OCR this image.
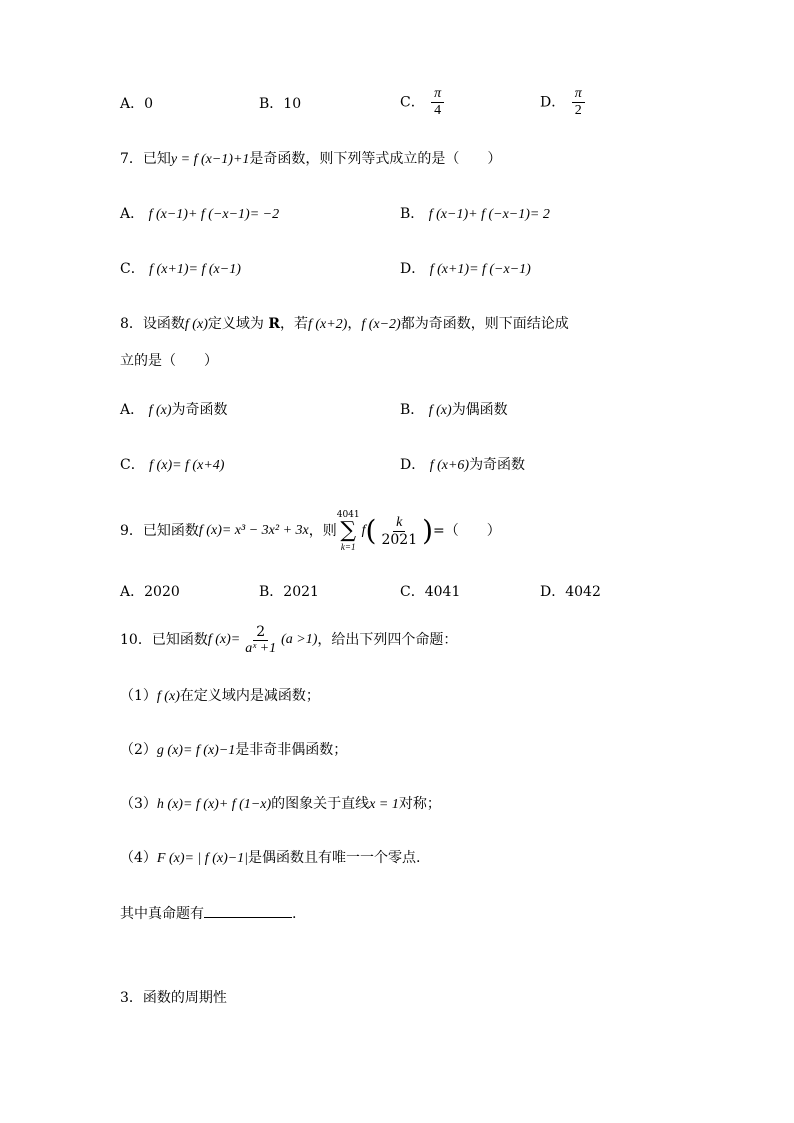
A．0	B．10	C． $\frac{\pi}{4}$	D． $\frac{\pi}{2}$
7．已知y = f (x−1)+1是奇函数，则下列等式成立的是（　　）
A． f (x−1)+ f (−x−1)= −2	B． f (x−1)+ f (−x−1)= 2
C． f (x+1)= f (x−1)	D． f (x+1)= f (−x−1)
8．设函数f (x)定义域为 R，若f (x+2)，f (x−2)都为奇函数，则下面结论成
立的是（　　）
A． f (x)为奇函数	B． f (x)为偶函数
C． f (x)= f (x+4)	D． f (x+6)为奇函数
9． 已知函数 f (x)= x³ − 3x² + 3x ，则
4041
∑
k=1
f ( $\frac{k}{2021}$ ) =（　　）
A．2020	B．2021	C．4041	D．4042
10． 已知函数 f $(x)= \frac{2}{\text{aˣ +1}} (a >1)$ ，给出下列四个命题：
（1）f (x)在定义域内是减函数；
（2）g (x)= f (x)−1是非奇非偶函数；
（3）h (x)= f (x)+ f (1−x)的图象关于直线x = 1对称；
（4）F (x)= | f (x)−1|是偶函数且有唯一一个零点.
其中真命题有	.
3．函数的周期性
